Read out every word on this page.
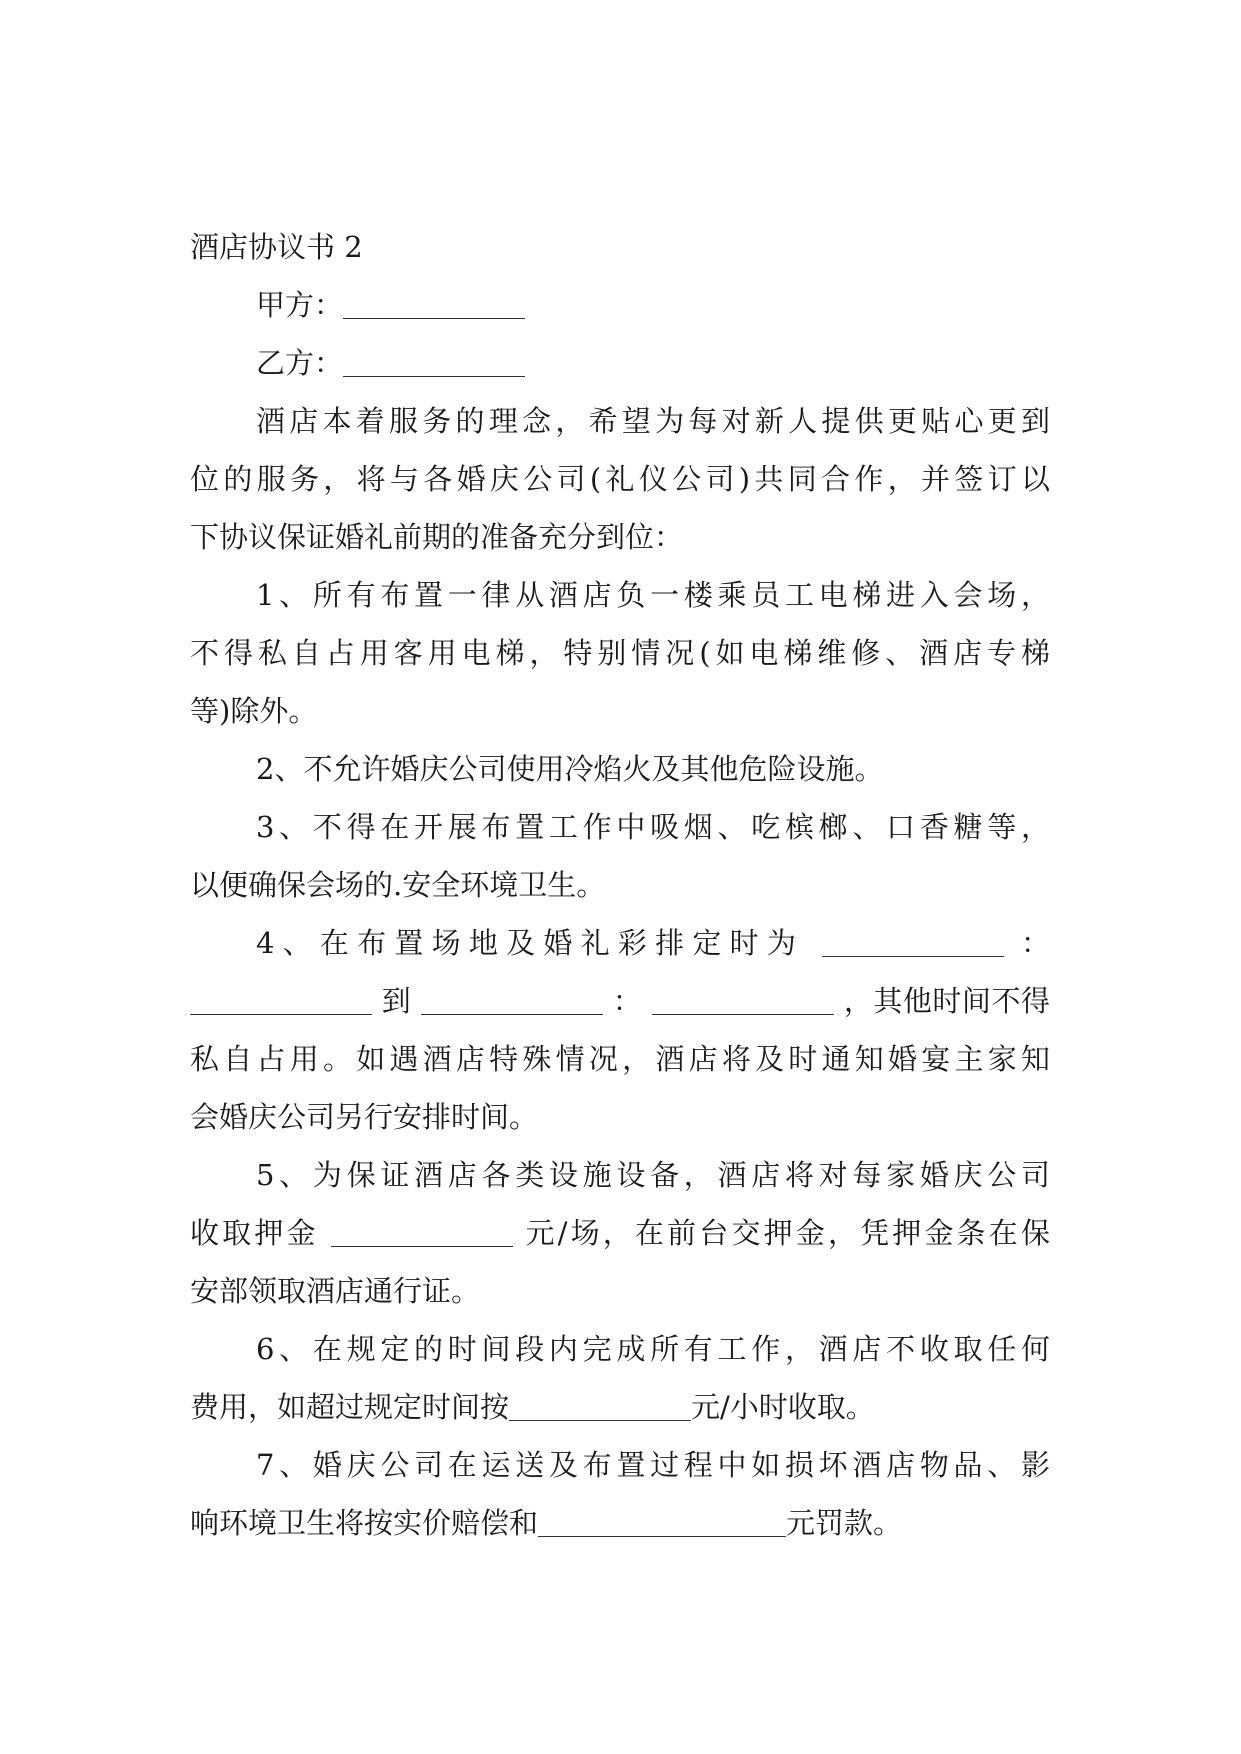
酒店协议书 2
甲方：
乙方：
酒店本着服务的理念，希望为每对新人提供更贴心更到
位的服务，将与各婚庆公司(礼仪公司)共同合作，并签订以
下协议保证婚礼前期的准备充分到位：
1、所有布置一律从酒店负一楼乘员工电梯进入会场，
不得私自占用客用电梯，特别情况(如电梯维修、酒店专梯
等)除外。
2、不允许婚庆公司使用冷焰火及其他危险设施。
3、不得在开展布置工作中吸烟、吃槟榔、口香糖等，
以便确保会场的.安全环境卫生。
4、在布置场地及婚礼彩排定时为	：
到	：	，其他时间不得
私自占用。如遇酒店特殊情况，酒店将及时通知婚宴主家知
会婚庆公司另行安排时间。
5、为保证酒店各类设施设备，酒店将对每家婚庆公司
收取押金	元/场，在前台交押金，凭押金条在保
安部领取酒店通行证。
6、在规定的时间段内完成所有工作，酒店不收取任何
费用，如超过规定时间按	元/小时收取。
7、婚庆公司在运送及布置过程中如损坏酒店物品、影
响环境卫生将按实价赔偿和	元罚款。
